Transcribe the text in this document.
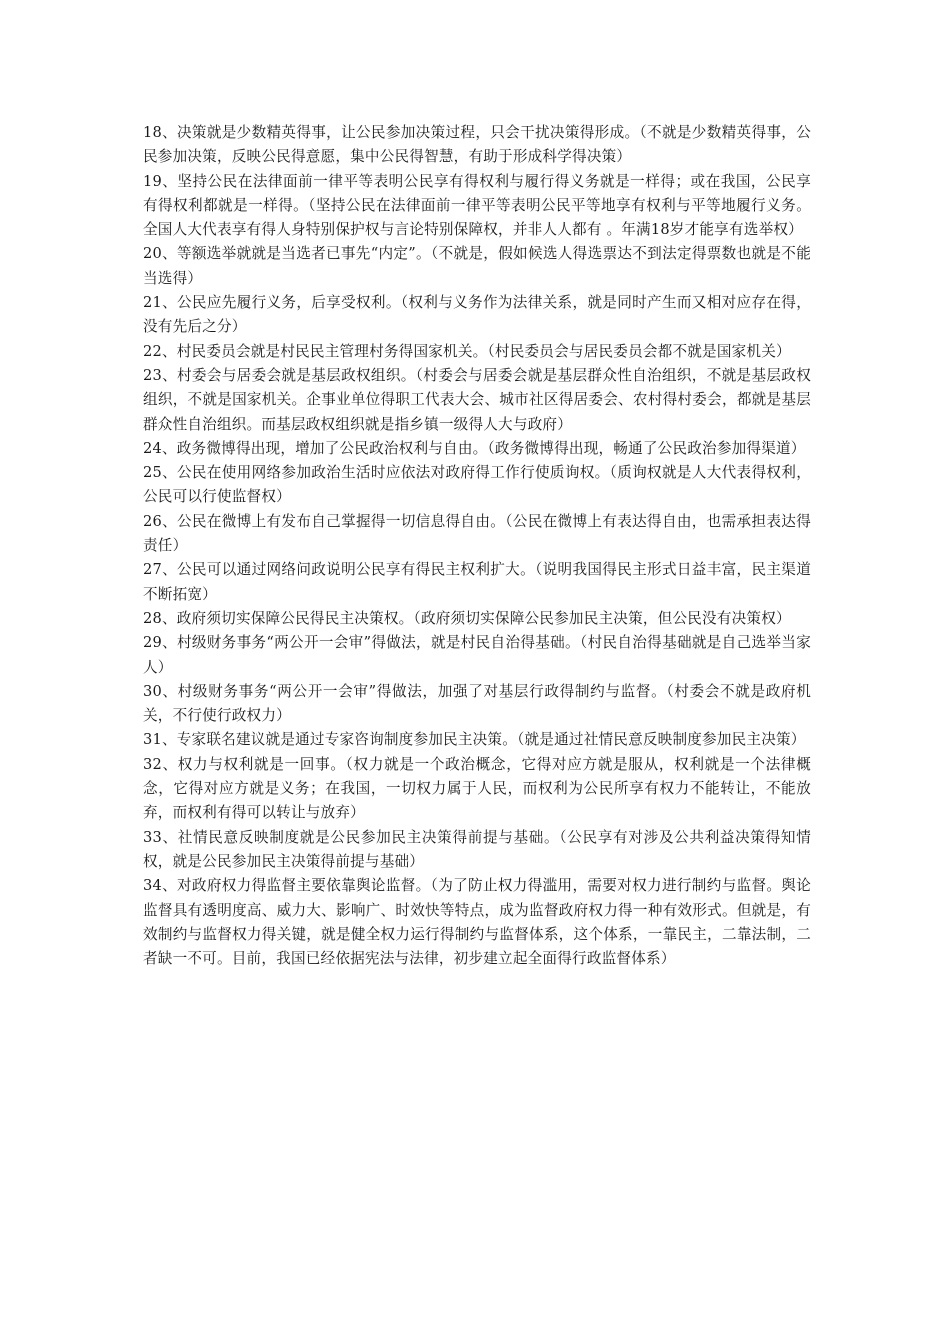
18、决策就是少数精英得事，让公民参加决策过程，只会干扰决策得形成。（不就是少数精英得事，公民参加决策，反映公民得意愿，集中公民得智慧，有助于形成科学得决策）

19、坚持公民在法律面前一律平等表明公民享有得权利与履行得义务就是一样得；或在我国，公民享有得权利都就是一样得。（坚持公民在法律面前一律平等表明公民平等地享有权利与平等地履行义务。全国人大代表享有得人身特别保护权与言论特别保障权，并非人人都有 。年满18岁才能享有选举权）

20、等额选举就就是当选者已事先“内定”。（不就是，假如候选人得选票达不到法定得票数也就是不能当选得）

21、公民应先履行义务，后享受权利。（权利与义务作为法律关系，就是同时产生而又相对应存在得，没有先后之分）

22、村民委员会就是村民民主管理村务得国家机关。（村民委员会与居民委员会都不就是国家机关）

23、村委会与居委会就是基层政权组织。（村委会与居委会就是基层群众性自治组织，不就是基层政权组织，不就是国家机关。企事业单位得职工代表大会、城市社区得居委会、农村得村委会，都就是基层群众性自治组织。而基层政权组织就是指乡镇一级得人大与政府）

24、政务微博得出现，增加了公民政治权利与自由。（政务微博得出现，畅通了公民政治参加得渠道）

25、公民在使用网络参加政治生活时应依法对政府得工作行使质询权。（质询权就是人大代表得权利，公民可以行使监督权）

26、公民在微博上有发布自己掌握得一切信息得自由。（公民在微博上有表达得自由，也需承担表达得责任）

27、公民可以通过网络问政说明公民享有得民主权利扩大。（说明我国得民主形式日益丰富，民主渠道不断拓宽）

28、政府须切实保障公民得民主决策权。（政府须切实保障公民参加民主决策，但公民没有决策权）

29、村级财务事务“两公开一会审”得做法，就是村民自治得基础。（村民自治得基础就是自己选举当家人）

30、村级财务事务“两公开一会审”得做法，加强了对基层行政得制约与监督。（村委会不就是政府机关，不行使行政权力）

31、专家联名建议就是通过专家咨询制度参加民主决策。（就是通过社情民意反映制度参加民主决策）

32、权力与权利就是一回事。（权力就是一个政治概念，它得对应方就是服从，权利就是一个法律概念，它得对应方就是义务；在我国，一切权力属于人民，而权利为公民所享有权力不能转让，不能放弃，而权利有得可以转让与放弃）

33、社情民意反映制度就是公民参加民主决策得前提与基础。（公民享有对涉及公共利益决策得知情权，就是公民参加民主决策得前提与基础）

34、对政府权力得监督主要依靠舆论监督。（为了防止权力得滥用，需要对权力进行制约与监督。舆论监督具有透明度高、威力大、影响广、时效快等特点，成为监督政府权力得一种有效形式。但就是，有效制约与监督权力得关键，就是健全权力运行得制约与监督体系，这个体系，一靠民主，二靠法制，二者缺一不可。目前，我国已经依据宪法与法律，初步建立起全面得行政监督体系）
